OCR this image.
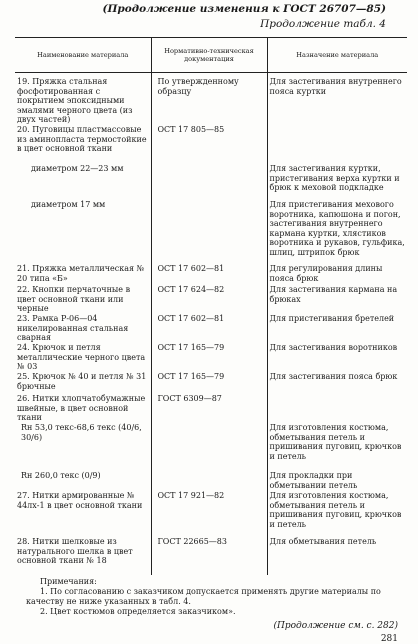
(Продолжение изменения к ГОСТ 26707—85)
Продолжение табл. 4
Наименование материала	Нормативно-техническая документация	Назначение материала
19. Пряжка стальная фосфотированная с покрытием эпоксидными эмалями черного цвета (из двух частей)	По утвержденному образцу	Для застегивания внутреннего пояса куртки
20. Пуговицы пластмассовые из аминопласта термостойкие в цвет основной ткани	ОСТ 17 805—85	
диаметром 22—23 мм		Для застегивания куртки, пристегивания верха куртки и брюк к меховой подкладке
диаметром 17 мм		Для пристегивания мехового воротника, капюшона и погон, застегивания внутреннего кармана куртки, хлястиков воротника и рукавов, гульфика, шлиц, штрипок брюк
21. Пряжка металлическая № 20 типа «Б»	ОСТ 17 602—81	Для регулирования длины пояса брюк
22. Кнопки перчаточные в цвет основной ткани или черные	ОСТ 17 624—82	Для застегивания кармана на брюках
23. Рамка Р-06—04 никелированная стальная сварная	ОСТ 17 602—81	Для пристегивания бретелей
24. Крючок и петля металлические черного цвета № 03	ОСТ 17 165—79	Для застегивания воротников
25. Крючок № 40 и петля № 31 брючные	ОСТ 17 165—79	Для застегивания пояса брюк
26. Нитки хлопчатобумажные швейные, в цвет основной ткани	ГОСТ 6309—87	
Rн 53,0 текс-68,6 текс (40/6, 30/6)		Для изготовления костюма, обметывания петель и пришивания пуговиц, крючков и петель
Rн 260,0 текс (0/9)		Для прокладки при обметывании петель
27. Нитки армированные № 44лх-1 в цвет основной ткани	ОСТ 17 921—82	Для изготовления костюма, обметывания петель и пришивания пуговиц, крючков и петель
28. Нитки шелковые из натурального шелка в цвет основной ткани № 18	ГОСТ 22665—83	Для обметывания петель
Примечания:
1. По согласованию с заказчиком допускается применять другие материалы по качеству не ниже указанных в табл. 4.
2. Цвет костюмов определяется заказчиком».
(Продолжение см. с. 282)
281
